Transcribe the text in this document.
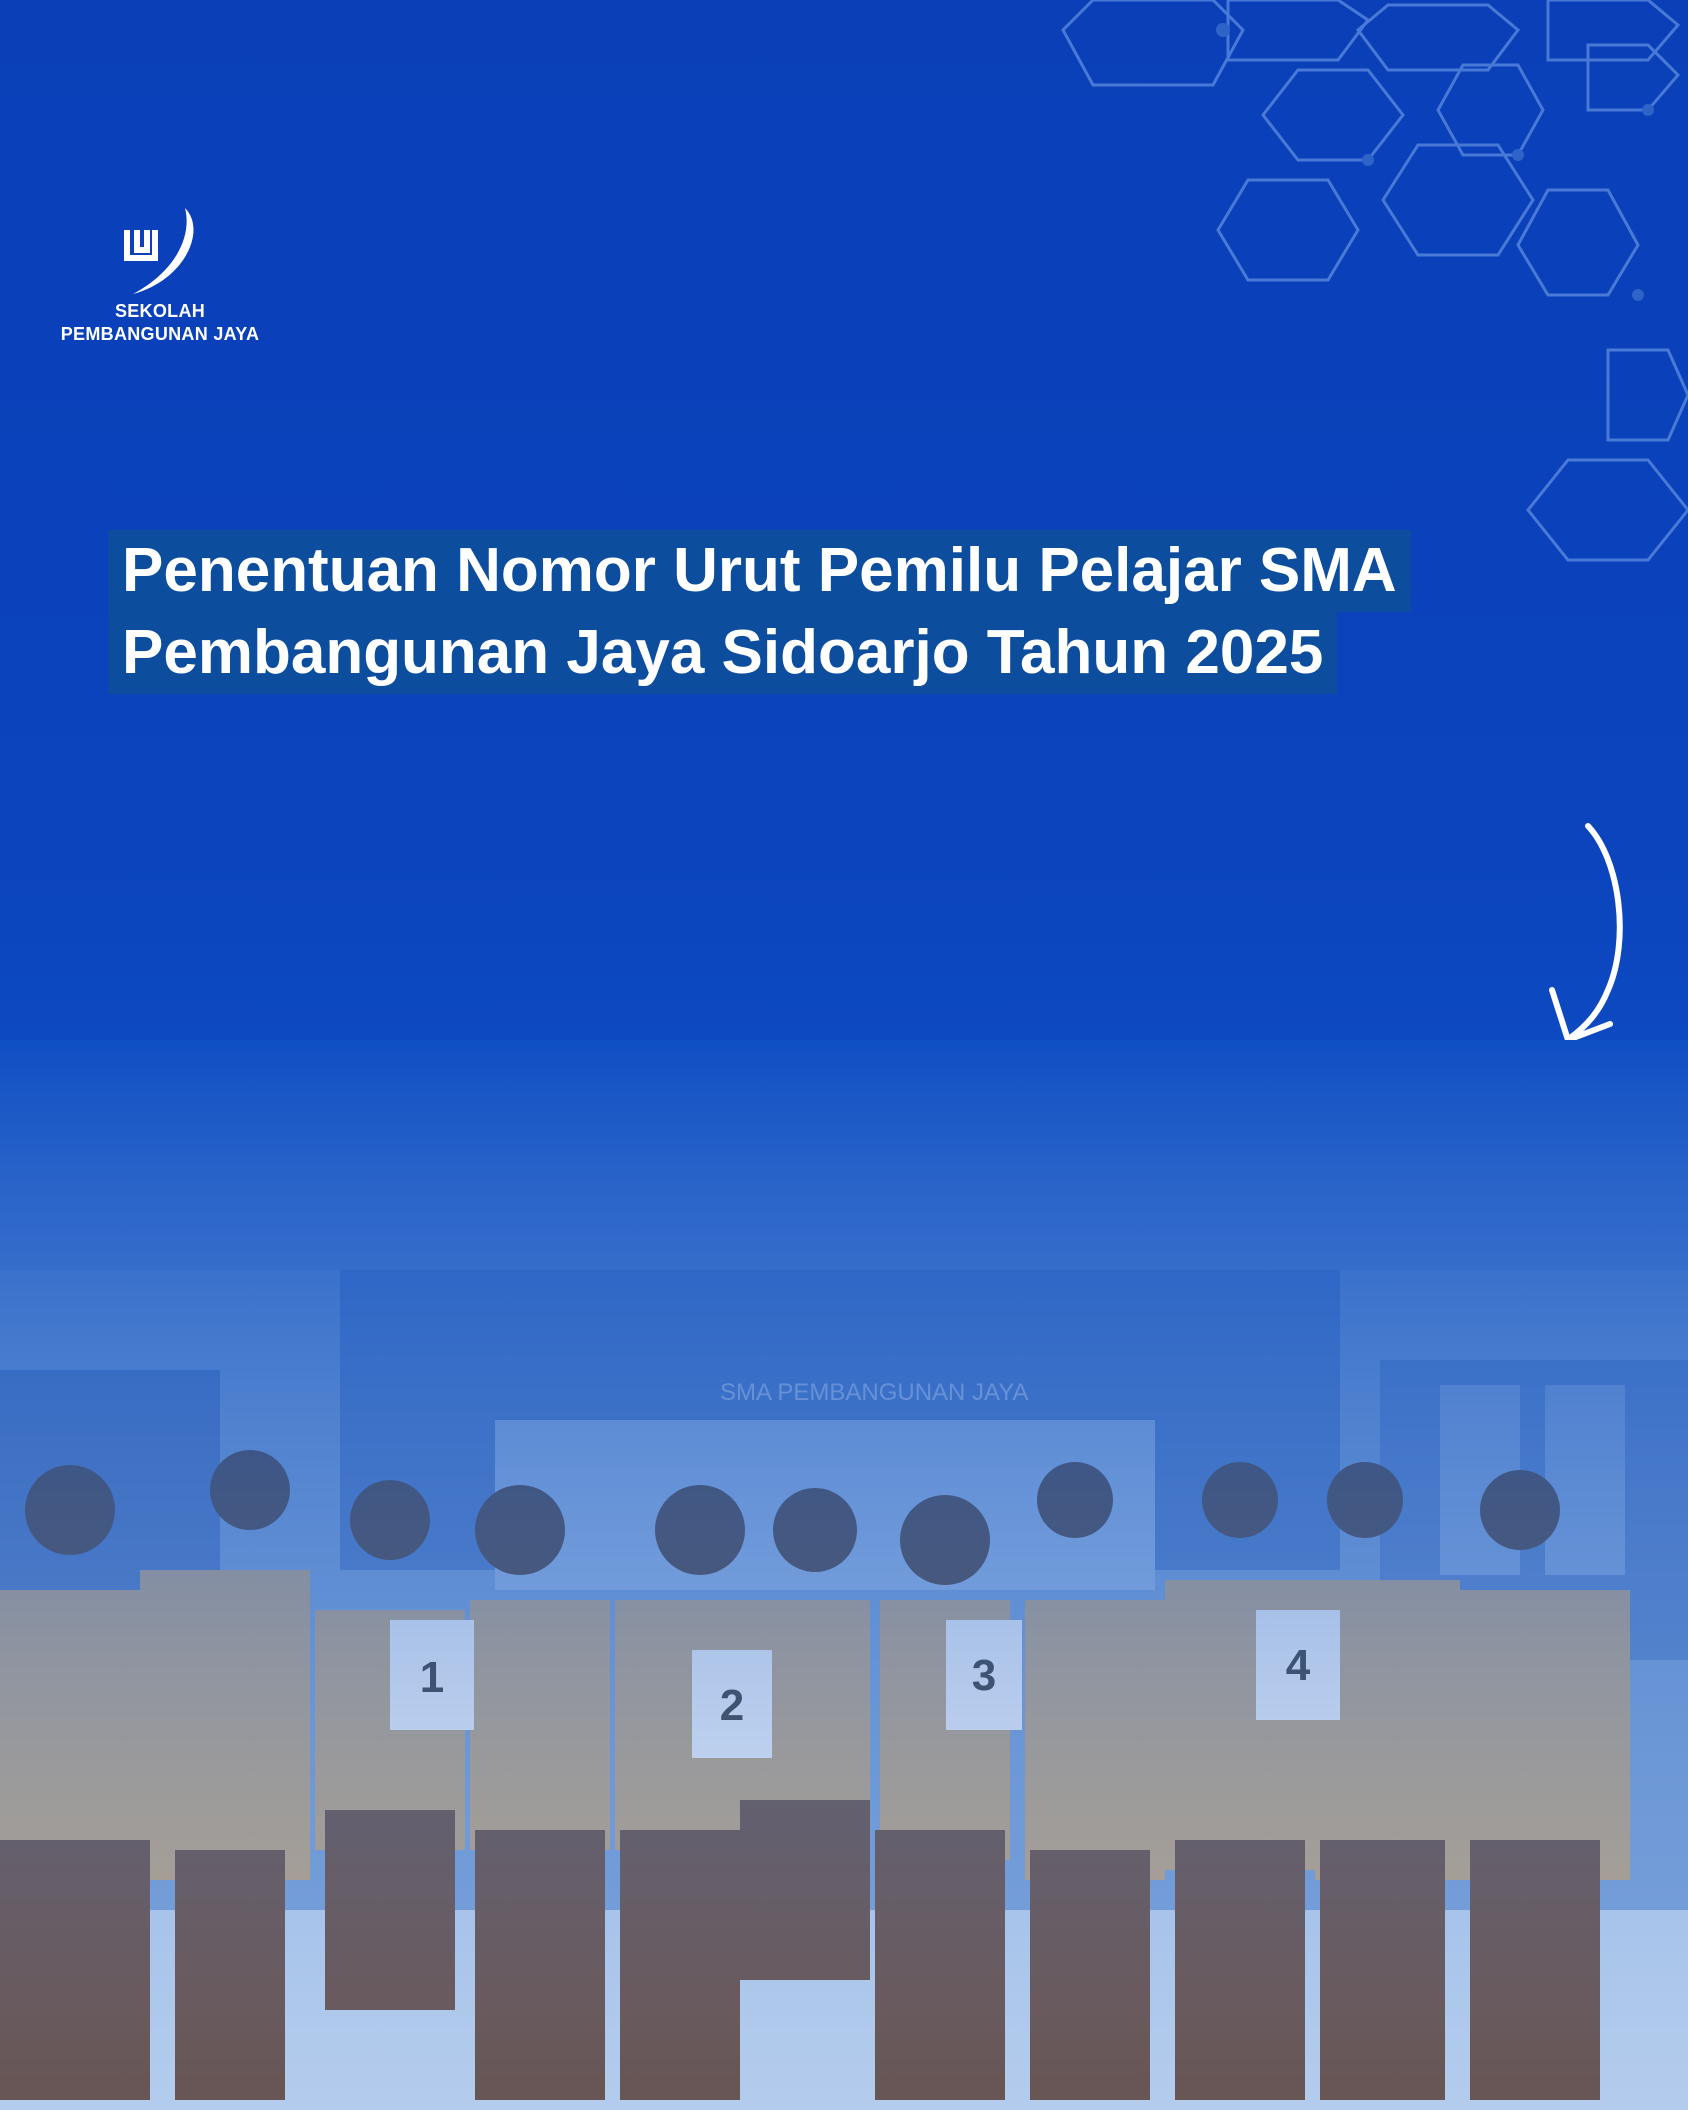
SEKOLAH
PEMBANGUNAN JAYA
Penentuan Nomor Urut Pemilu Pelajar SMA
Pembangunan Jaya Sidoarjo Tahun 2025
